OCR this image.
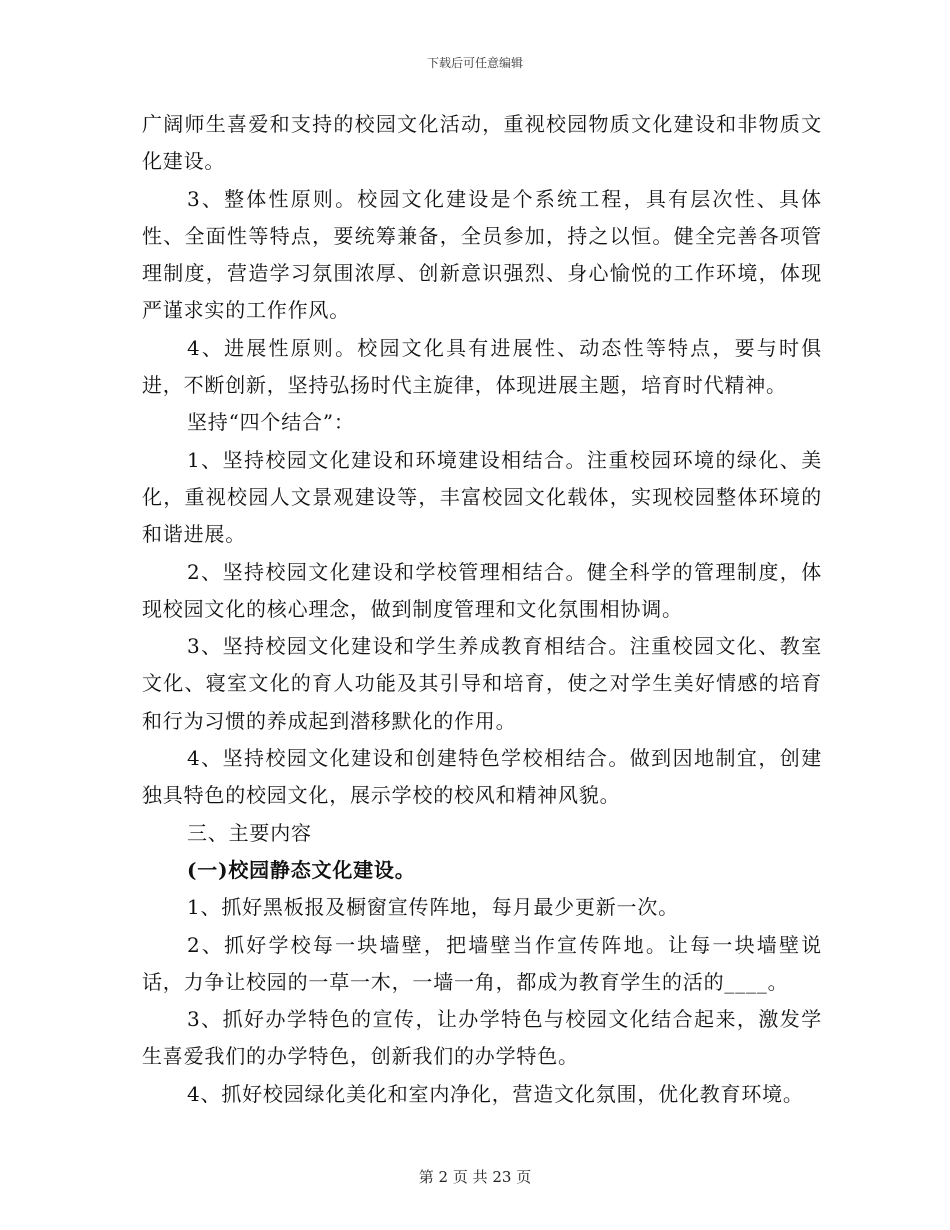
下载后可任意编辑

广阔师生喜爱和支持的校园文化活动，重视校园物质文化建设和非物质文化建设。

3、整体性原则。校园文化建设是个系统工程，具有层次性、具体性、全面性等特点，要统筹兼备，全员参加，持之以恒。健全完善各项管理制度，营造学习氛围浓厚、创新意识强烈、身心愉悦的工作环境，体现严谨求实的工作作风。

4、进展性原则。校园文化具有进展性、动态性等特点，要与时俱进，不断创新，坚持弘扬时代主旋律，体现进展主题，培育时代精神。

坚持“四个结合”：

1、坚持校园文化建设和环境建设相结合。注重校园环境的绿化、美化，重视校园人文景观建设等，丰富校园文化载体，实现校园整体环境的和谐进展。

2、坚持校园文化建设和学校管理相结合。健全科学的管理制度，体现校园文化的核心理念，做到制度管理和文化氛围相协调。

3、坚持校园文化建设和学生养成教育相结合。注重校园文化、教室文化、寝室文化的育人功能及其引导和培育，使之对学生美好情感的培育和行为习惯的养成起到潜移默化的作用。

4、坚持校园文化建设和创建特色学校相结合。做到因地制宜，创建独具特色的校园文化，展示学校的校风和精神风貌。

三、主要内容

(一)校园静态文化建设。

1、抓好黑板报及橱窗宣传阵地，每月最少更新一次。

2、抓好学校每一块墙壁，把墙壁当作宣传阵地。让每一块墙壁说话，力争让校园的一草一木，一墙一角，都成为教育学生的活的____。

3、抓好办学特色的宣传，让办学特色与校园文化结合起来，激发学生喜爱我们的办学特色，创新我们的办学特色。

4、抓好校园绿化美化和室内净化，营造文化氛围，优化教育环境。

第 2 页 共 23 页
